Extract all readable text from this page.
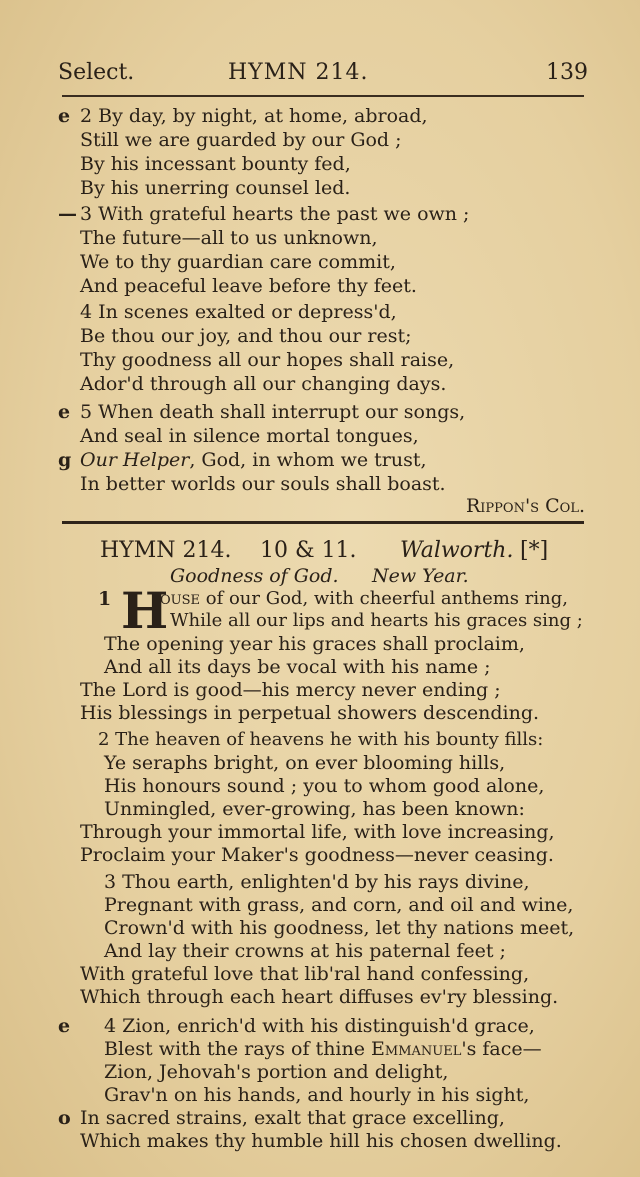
Select.	HYMN 214.	139
e 2 By day, by night, at home, abroad,
Still we are guarded by our God ;
By his incessant bounty fed,
By his unerring counsel led.
— 3 With grateful hearts the past we own ;
The future—all to us unknown,
We to thy guardian care commit,
And peaceful leave before thy feet.
4 In scenes exalted or depress'd,
Be thou our joy, and thou our rest;
Thy goodness all our hopes shall raise,
Ador'd through all our changing days.
e 5 When death shall interrupt our songs,
And seal in silence mortal tongues,
g Our Helper, God, in whom we trust,
In better worlds our souls shall boast.
Rippon's Col.
HYMN 214. 10 & 11. Walworth. [*]
Goodness of God. New Year.
1 H
ouse of our God, with cheerful anthems ring,
While all our lips and hearts his graces sing ;
The opening year his graces shall proclaim,
And all its days be vocal with his name ;
The Lord is good—his mercy never ending ;
His blessings in perpetual showers descending.
2 The heaven of heavens he with his bounty fills:
Ye seraphs bright, on ever blooming hills,
His honours sound ; you to whom good alone,
Unmingled, ever-growing, has been known:
Through your immortal life, with love increasing,
Proclaim your Maker's goodness—never ceasing.
3 Thou earth, enlighten'd by his rays divine,
Pregnant with grass, and corn, and oil and wine,
Crown'd with his goodness, let thy nations meet,
And lay their crowns at his paternal feet ;
With grateful love that lib'ral hand confessing,
Which through each heart diffuses ev'ry blessing.
e 4 Zion, enrich'd with his distinguish'd grace,
Blest with the rays of thine Emmanuel's face—
Zion, Jehovah's portion and delight,
Grav'n on his hands, and hourly in his sight,
o In sacred strains, exalt that grace excelling,
Which makes thy humble hill his chosen dwelling.
